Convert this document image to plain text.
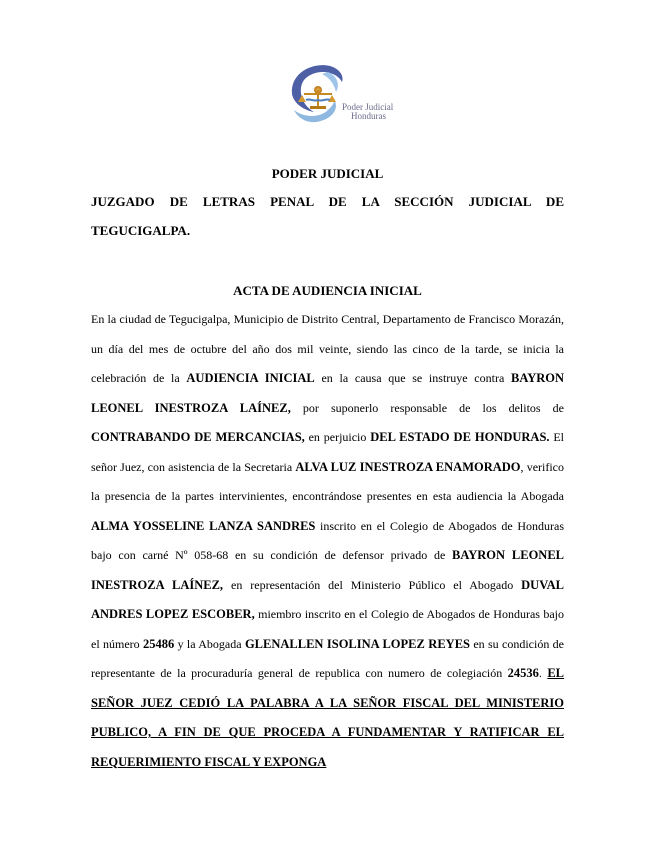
Poder Judicial
Honduras

PODER JUDICIAL

JUZGADO DE LETRAS PENAL DE LA SECCIÓN JUDICIAL DE

TEGUCIGALPA.

ACTA DE AUDIENCIA INICIAL

En la ciudad de Tegucigalpa, Municipio de Distrito Central, Departamento de Francisco Morazán, un día del mes de octubre del año dos mil veinte, siendo las cinco de la tarde, se inicia la celebración de la AUDIENCIA INICIAL en la causa que se instruye contra BAYRON LEONEL INESTROZA LAÍNEZ, por suponerlo responsable de los delitos de CONTRABANDO DE MERCANCIAS, en perjuicio DEL ESTADO DE HONDURAS. El señor Juez, con asistencia de la Secretaria ALVA LUZ INESTROZA ENAMORADO, verifico la presencia de la partes intervinientes, encontrándose presentes en esta audiencia la Abogada ALMA YOSSELINE LANZA SANDRES inscrito en el Colegio de Abogados de Honduras bajo con carné Nº 058-68 en su condición de defensor privado de BAYRON LEONEL INESTROZA LAÍNEZ, en representación del Ministerio Público el Abogado DUVAL ANDRES LOPEZ ESCOBER, miembro inscrito en el Colegio de Abogados de Honduras bajo el número 25486 y la Abogada GLENALLEN ISOLINA LOPEZ REYES en su condición de representante de la procuraduría general de republica con numero de colegiación 24536. EL SEÑOR JUEZ CEDIÓ LA PALABRA A LA SEÑOR FISCAL DEL MINISTERIO PUBLICO, A FIN DE QUE PROCEDA A FUNDAMENTAR Y RATIFICAR EL REQUERIMIENTO FISCAL Y EXPONGA
